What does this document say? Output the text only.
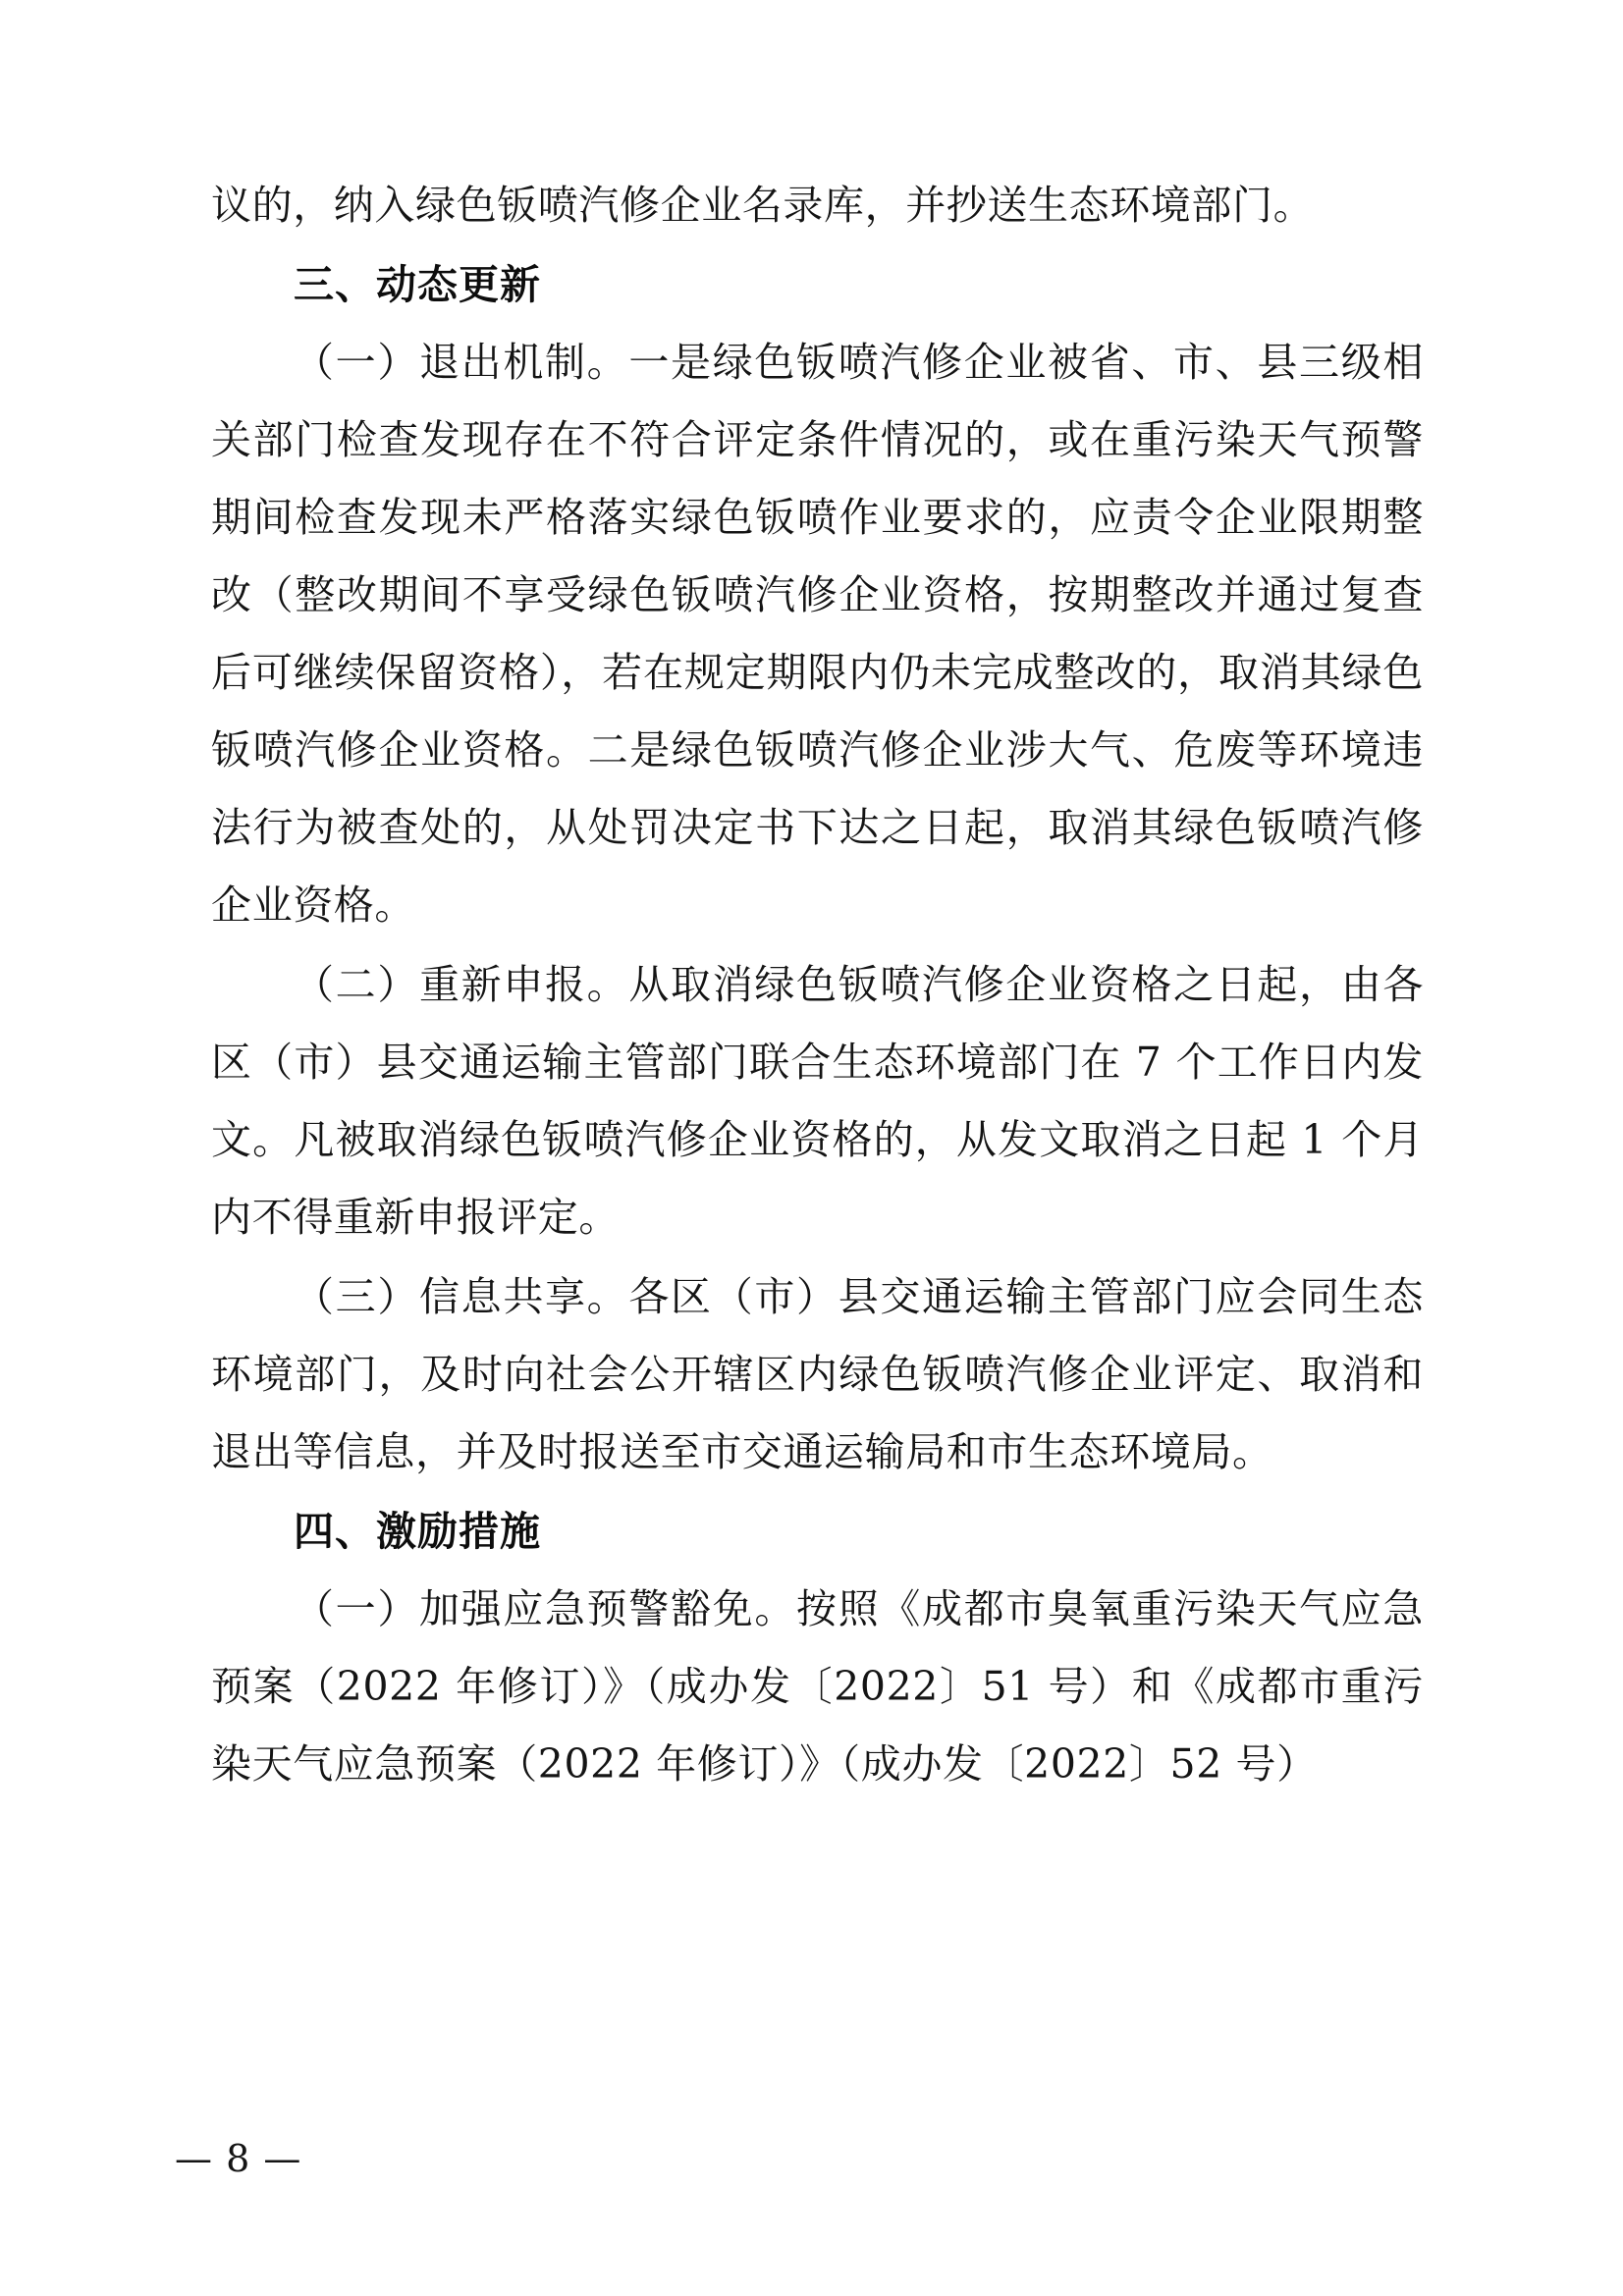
议的，纳入绿色钣喷汽修企业名录库，并抄送生态环境部门。

三、动态更新

（一）退出机制。一是绿色钣喷汽修企业被省、市、县三级相关部门检查发现存在不符合评定条件情况的，或在重污染天气预警期间检查发现未严格落实绿色钣喷作业要求的，应责令企业限期整改（整改期间不享受绿色钣喷汽修企业资格，按期整改并通过复查后可继续保留资格），若在规定期限内仍未完成整改的，取消其绿色钣喷汽修企业资格。二是绿色钣喷汽修企业涉大气、危废等环境违法行为被查处的，从处罚决定书下达之日起，取消其绿色钣喷汽修企业资格。

（二）重新申报。从取消绿色钣喷汽修企业资格之日起，由各区（市）县交通运输主管部门联合生态环境部门在 7 个工作日内发文。凡被取消绿色钣喷汽修企业资格的，从发文取消之日起 1 个月内不得重新申报评定。

（三）信息共享。各区（市）县交通运输主管部门应会同生态环境部门，及时向社会公开辖区内绿色钣喷汽修企业评定、取消和退出等信息，并及时报送至市交通运输局和市生态环境局。

四、激励措施

（一）加强应急预警豁免。按照《成都市臭氧重污染天气应急预案（2022 年修订）》（成办发〔2022〕51 号）和《成都市重污染天气应急预案（2022 年修订）》（成办发〔2022〕52 号）

— 8 —
